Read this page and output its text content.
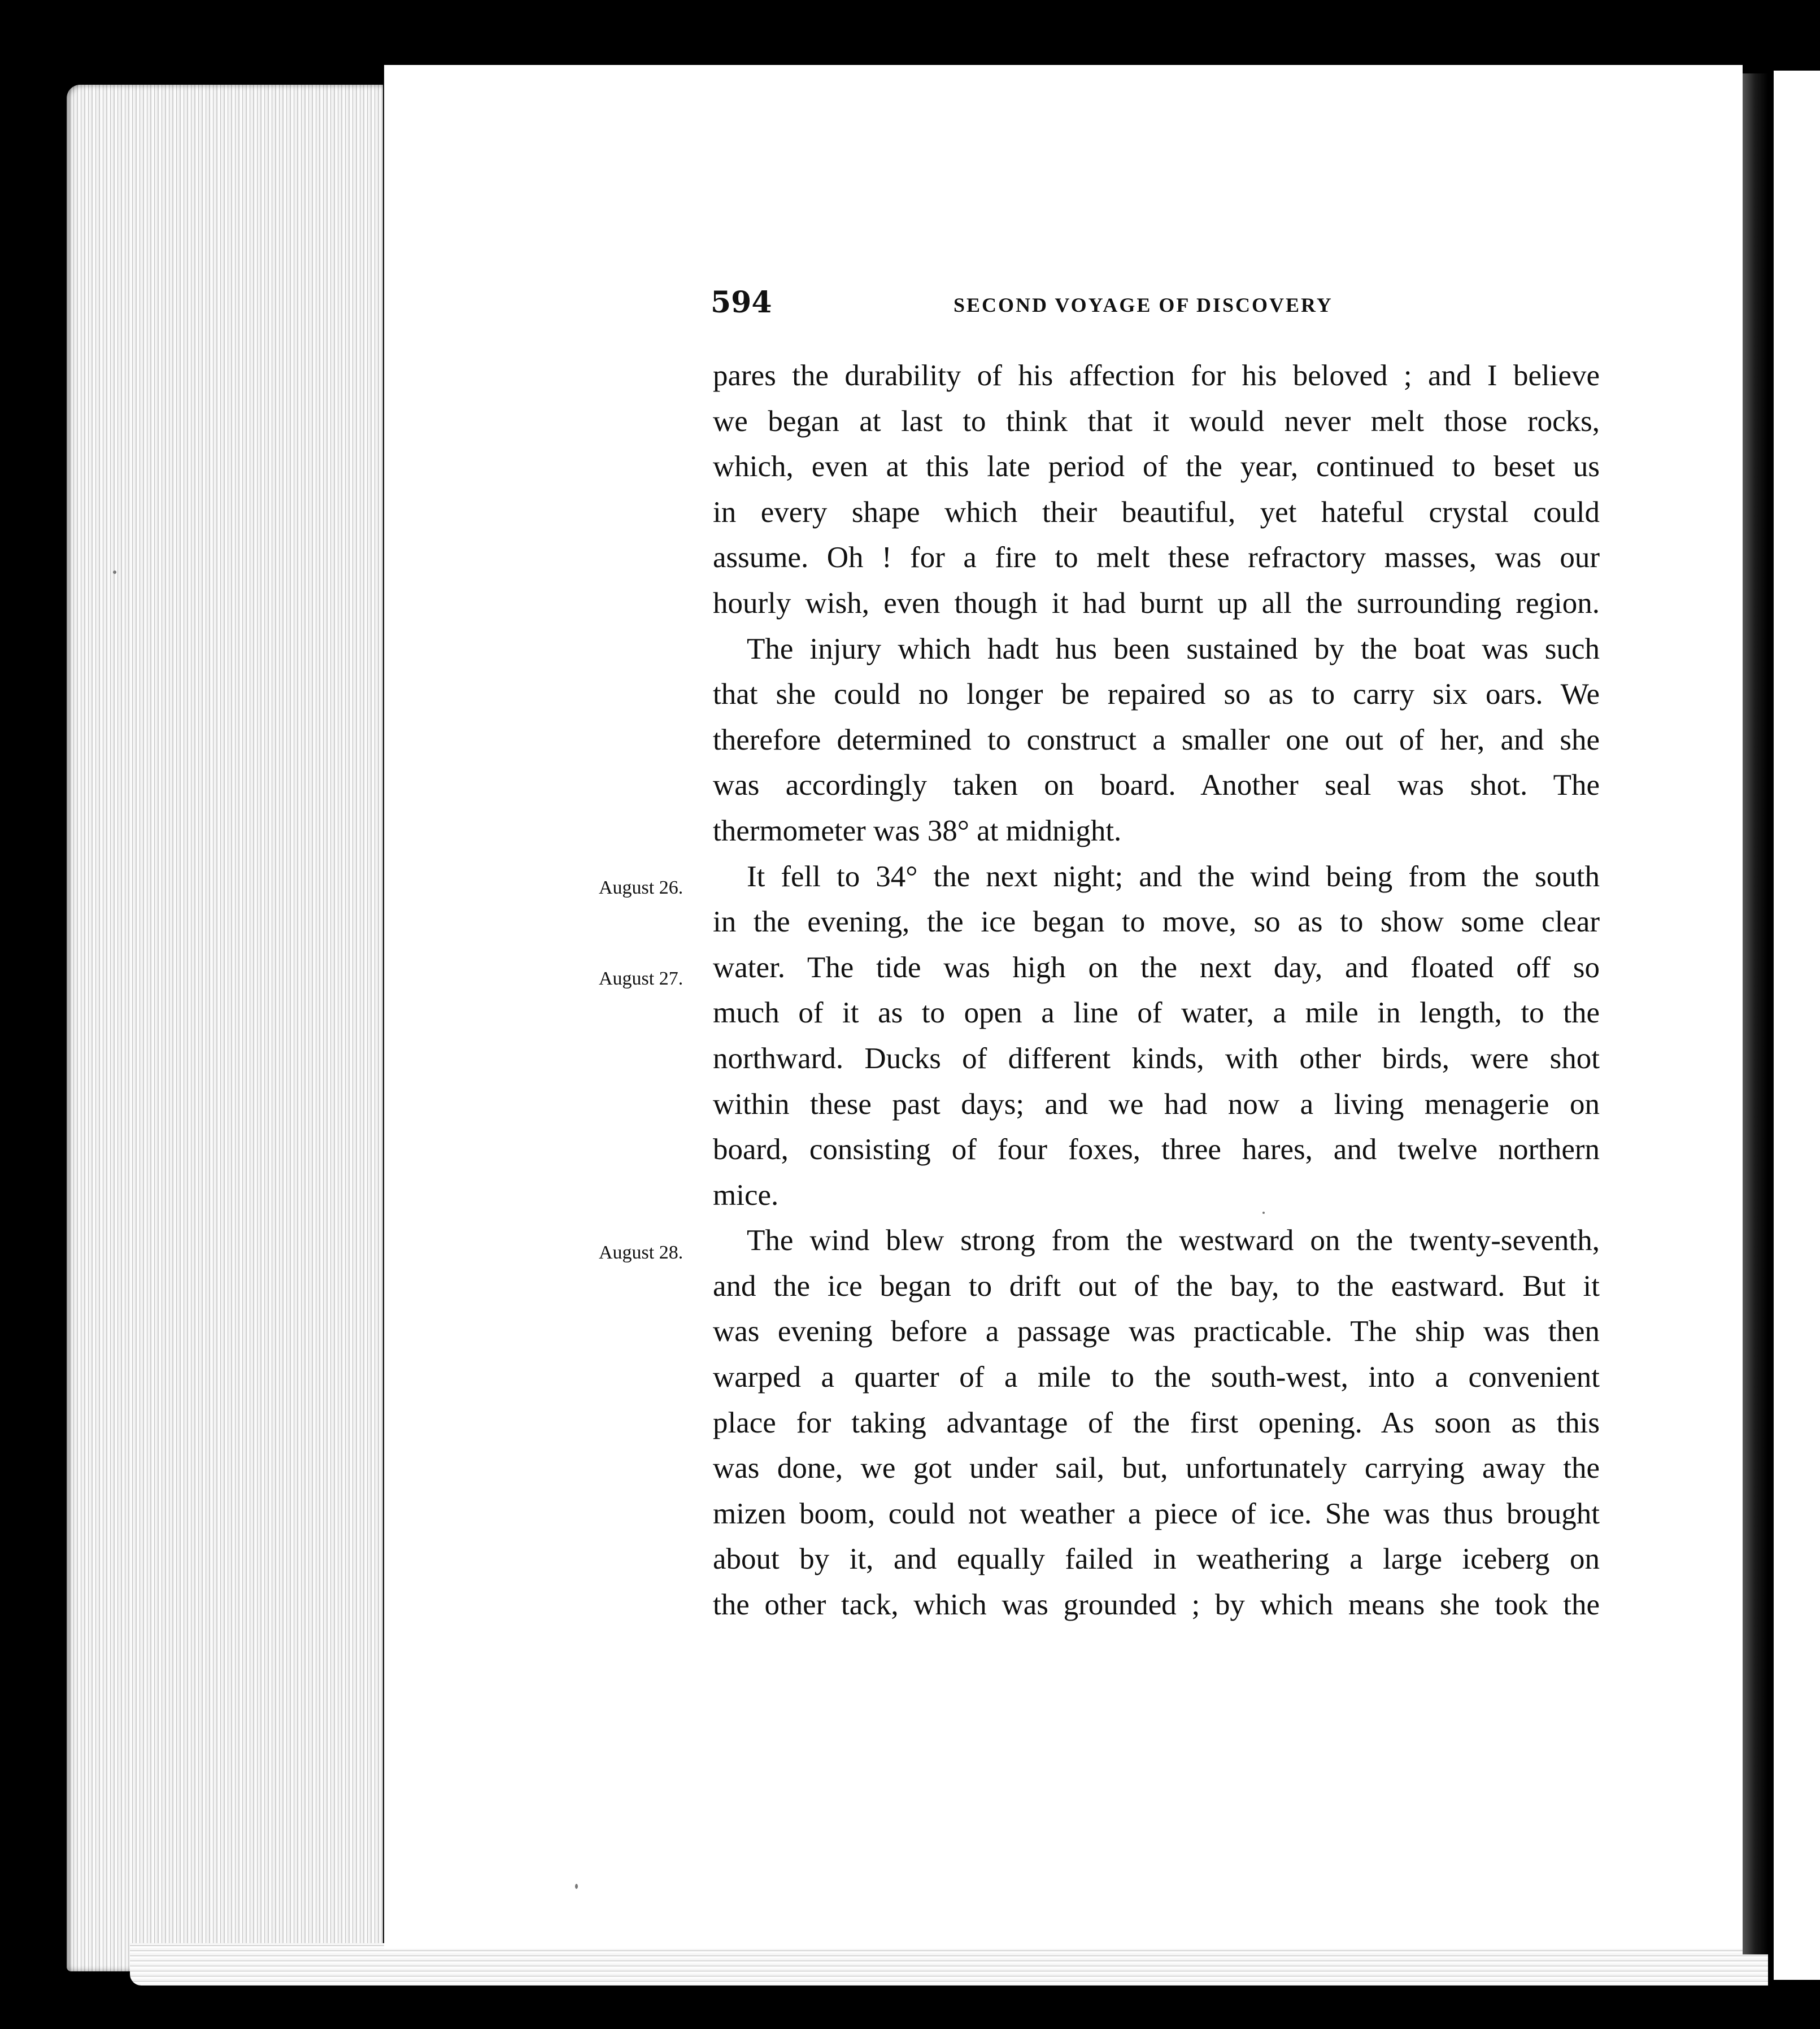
594	SECOND VOYAGE OF DISCOVERY
August 26.
August 27.
August 28.
pares the durability of his affection for his beloved ; and I believe
we began at last to think that it would never melt those rocks,
which, even at this late period of the year, continued to beset us
in every shape which their beautiful, yet hateful crystal could
assume. Oh ! for a fire to melt these refractory masses, was our
hourly wish, even though it had burnt up all the surrounding region.
The injury which hadt hus been sustained by the boat was such
that she could no longer be repaired so as to carry six oars. We
therefore determined to construct a smaller one out of her, and she
was accordingly taken on board. Another seal was shot. The
thermometer was 38° at midnight.
It fell to 34° the next night; and the wind being from the south
in the evening, the ice began to move, so as to show some clear
water. The tide was high on the next day, and floated off so
much of it as to open a line of water, a mile in length, to the
northward. Ducks of different kinds, with other birds, were shot
within these past days; and we had now a living menagerie on
board, consisting of four foxes, three hares, and twelve northern
mice.
The wind blew strong from the westward on the twenty-seventh,
and the ice began to drift out of the bay, to the eastward. But it
was evening before a passage was practicable. The ship was then
warped a quarter of a mile to the south-west, into a convenient
place for taking advantage of the first opening. As soon as this
was done, we got under sail, but, unfortunately carrying away the
mizen boom, could not weather a piece of ice. She was thus brought
about by it, and equally failed in weathering a large iceberg on
the other tack, which was grounded ; by which means she took the
